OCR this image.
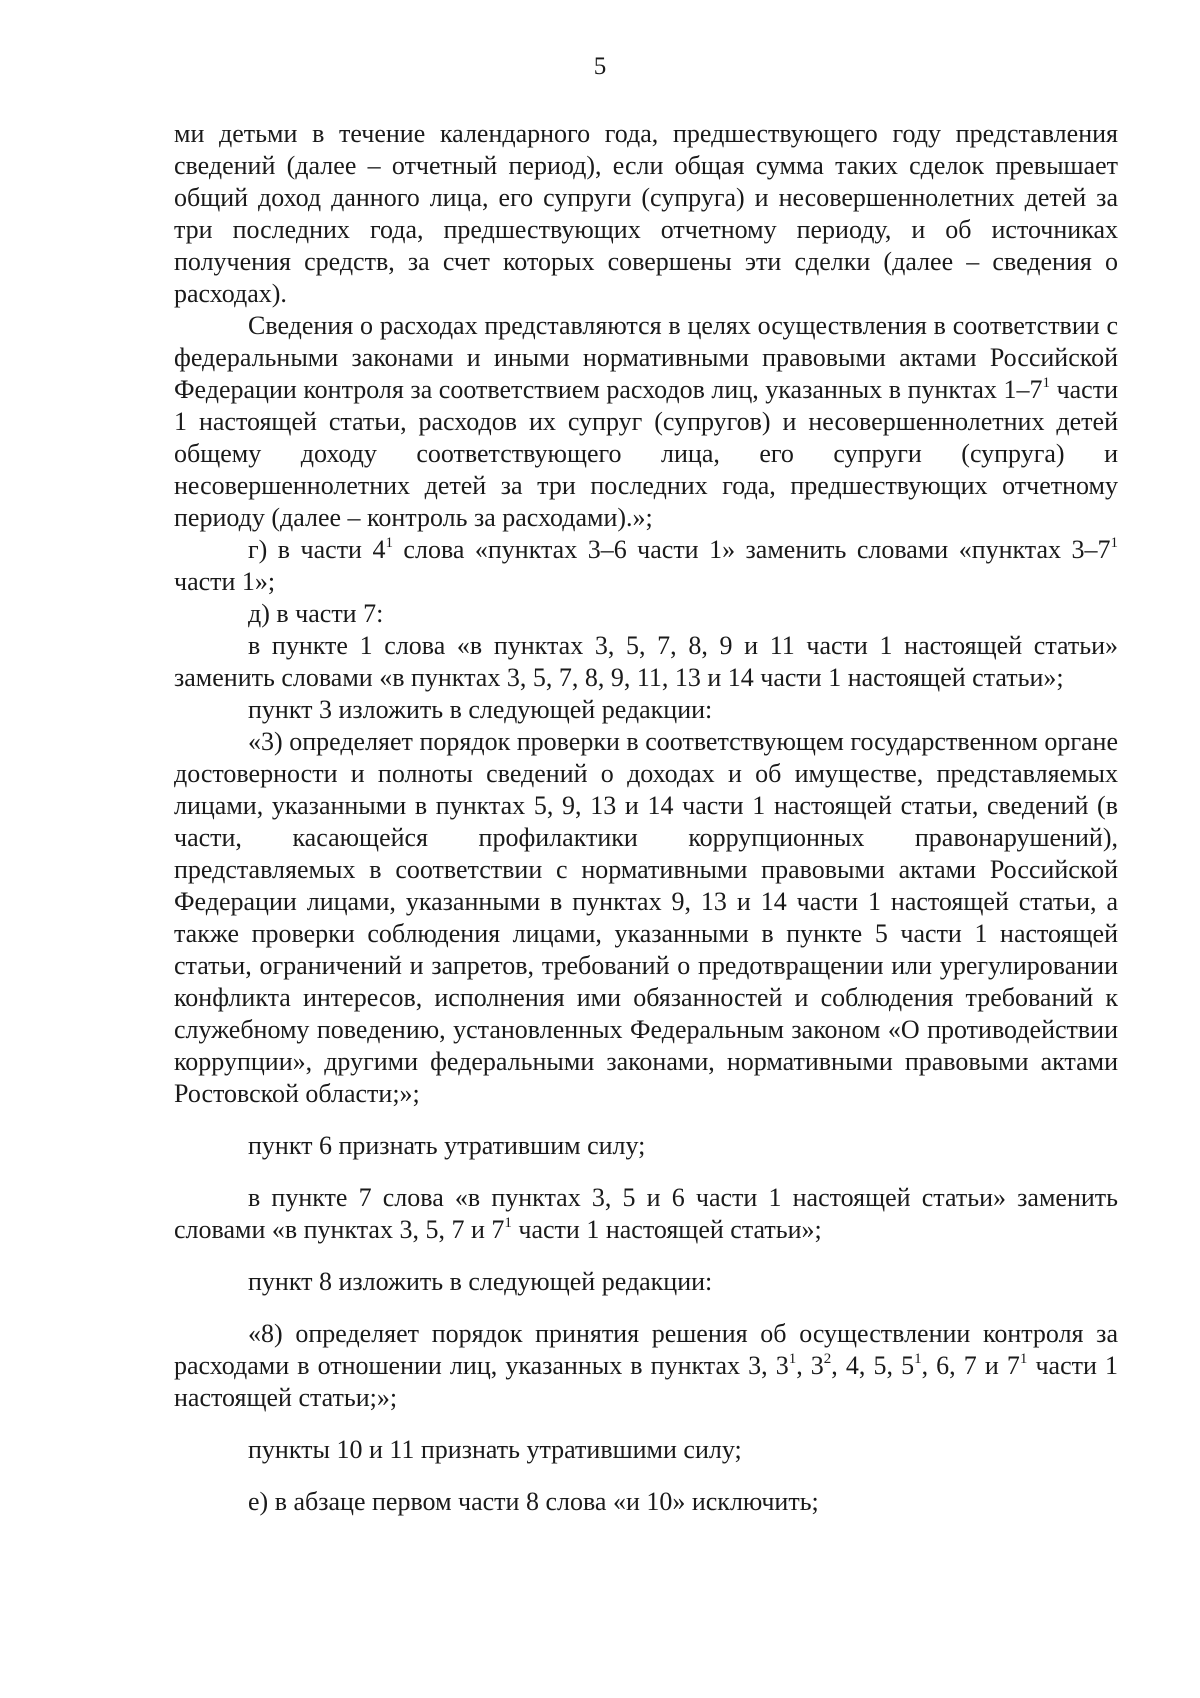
5

ми детьми в течение календарного года, предшествующего году представления сведений (далее – отчетный период), если общая сумма таких сделок превышает общий доход данного лица, его супруги (супруга) и несовершеннолетних детей за три последних года, предшествующих отчетному периоду, и об источниках получения средств, за счет которых совершены эти сделки (далее – сведения о расходах).

Сведения о расходах представляются в целях осуществления в соответствии с федеральными законами и иными нормативными правовыми актами Российской Федерации контроля за соответствием расходов лиц, указанных в пунктах $1-7^1$ части 1 настоящей статьи, расходов их супруг (супругов) и несовершеннолетних детей общему доходу соответствующего лица, его супруги (супруга) и несовершеннолетних детей за три последних года, предшествующих отчетному периоду (далее – контроль за расходами).»;

г) в части $4^1$ слова «пунктах 3–6 части 1» заменить словами «пунктах $3-7^1$ части 1»;

д) в части 7:

в пункте 1 слова «в пунктах 3, 5, 7, 8, 9 и 11 части 1 настоящей статьи» заменить словами «в пунктах 3, 5, 7, 8, 9, 11, 13 и 14 части 1 настоящей статьи»;

пункт 3 изложить в следующей редакции:

«3) определяет порядок проверки в соответствующем государственном органе достоверности и полноты сведений о доходах и об имуществе, представляемых лицами, указанными в пунктах 5, 9, 13 и 14 части 1 настоящей статьи, сведений (в части, касающейся профилактики коррупционных правонарушений), представляемых в соответствии с нормативными правовыми актами Российской Федерации лицами, указанными в пунктах 9, 13 и 14 части 1 настоящей статьи, а также проверки соблюдения лицами, указанными в пункте 5 части 1 настоящей статьи, ограничений и запретов, требований о предотвращении или урегулировании конфликта интересов, исполнения ими обязанностей и соблюдения требований к служебному поведению, установленных Федеральным законом «О противодействии коррупции», другими федеральными законами, нормативными правовыми актами Ростовской области;»;

пункт 6 признать утратившим силу;

в пункте 7 слова «в пунктах 3, 5 и 6 части 1 настоящей статьи» заменить словами «в пунктах 3, 5, 7 и $7^1$ части 1 настоящей статьи»;

пункт 8 изложить в следующей редакции:

«8) определяет порядок принятия решения об осуществлении контроля за расходами в отношении лиц, указанных в пунктах 3, $3^1$, $3^2$, 4, 5, $5^1$, 6, 7 и $7^1$ части 1 настоящей статьи;»;

пункты 10 и 11 признать утратившими силу;

е) в абзаце первом части 8 слова «и 10» исключить;
